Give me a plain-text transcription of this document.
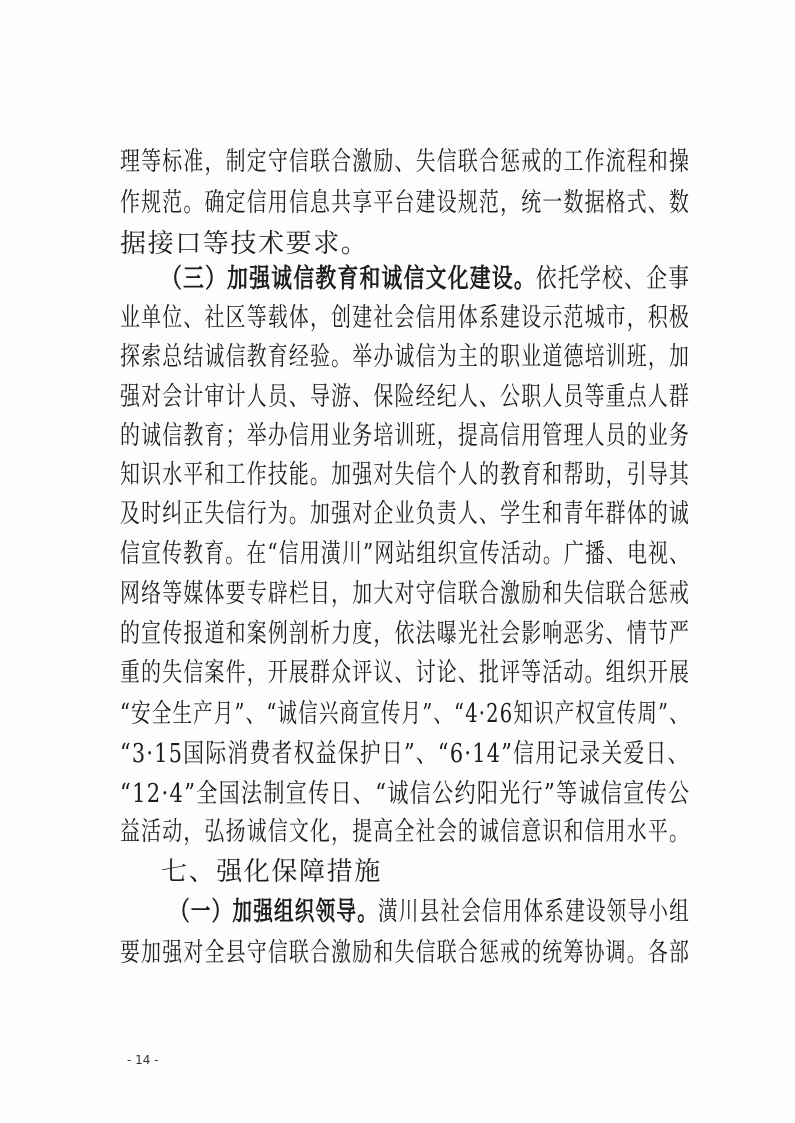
理等标准，制定守信联合激励、失信联合惩戒的工作流程和操
作规范。确定信用信息共享平台建设规范，统一数据格式、数
据接口等技术要求。
（三）加强诚信教育和诚信文化建设。依托学校、企事
业单位、社区等载体，创建社会信用体系建设示范城市，积极
探索总结诚信教育经验。举办诚信为主的职业道德培训班，加
强对会计审计人员、导游、保险经纪人、公职人员等重点人群
的诚信教育；举办信用业务培训班，提高信用管理人员的业务
知识水平和工作技能。加强对失信个人的教育和帮助，引导其
及时纠正失信行为。加强对企业负责人、学生和青年群体的诚
信宣传教育。在“信用潢川”网站组织宣传活动。广播、电视、
网络等媒体要专辟栏目，加大对守信联合激励和失信联合惩戒
的宣传报道和案例剖析力度，依法曝光社会影响恶劣、情节严
重的失信案件，开展群众评议、讨论、批评等活动。组织开展
“安全生产月”、“诚信兴商宣传月”、“4·26知识产权宣传周”、
“3·15国际消费者权益保护日”、“6·14”信用记录关爱日、
“12·4”全国法制宣传日、“诚信公约阳光行”等诚信宣传公
益活动，弘扬诚信文化，提高全社会的诚信意识和信用水平。
七、强化保障措施
（一）加强组织领导。潢川县社会信用体系建设领导小组
要加强对全县守信联合激励和失信联合惩戒的统筹协调。各部
- 14 -
